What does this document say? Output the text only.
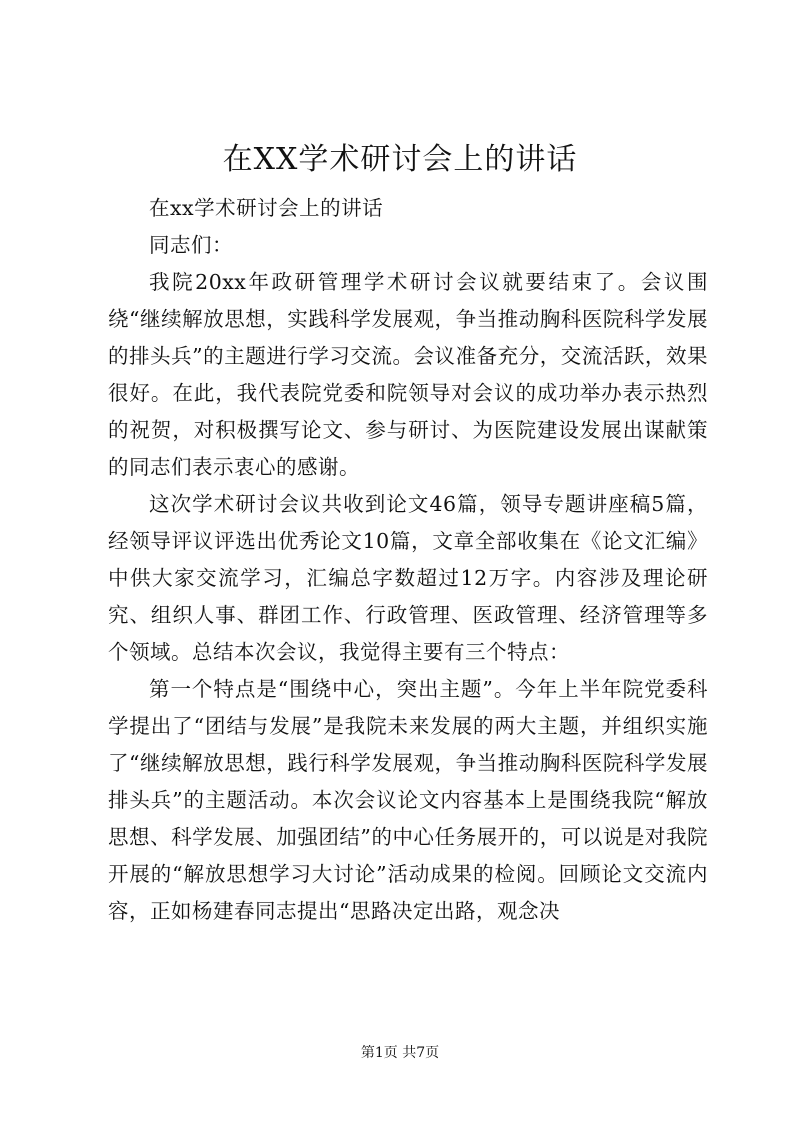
在XX学术研讨会上的讲话

在xx学术研讨会上的讲话

同志们：

我院20xx年政研管理学术研讨会议就要结束了。会议围绕“继续解放思想，实践科学发展观，争当推动胸科医院科学发展的排头兵”的主题进行学习交流。会议准备充分，交流活跃，效果很好。在此，我代表院党委和院领导对会议的成功举办表示热烈的祝贺，对积极撰写论文、参与研讨、为医院建设发展出谋献策的同志们表示衷心的感谢。

这次学术研讨会议共收到论文46篇，领导专题讲座稿5篇，经领导评议评选出优秀论文10篇，文章全部收集在《论文汇编》中供大家交流学习，汇编总字数超过12万字。内容涉及理论研究、组织人事、群团工作、行政管理、医政管理、经济管理等多个领域。总结本次会议，我觉得主要有三个特点：

第一个特点是“围绕中心，突出主题”。今年上半年院党委科学提出了“团结与发展”是我院未来发展的两大主题，并组织实施了“继续解放思想，践行科学发展观，争当推动胸科医院科学发展排头兵”的主题活动。本次会议论文内容基本上是围绕我院“解放思想、科学发展、加强团结”的中心任务展开的，可以说是对我院开展的“解放思想学习大讨论”活动成果的检阅。回顾论文交流内容，正如杨建春同志提出“思路决定出路，观念决

第1页 共7页
